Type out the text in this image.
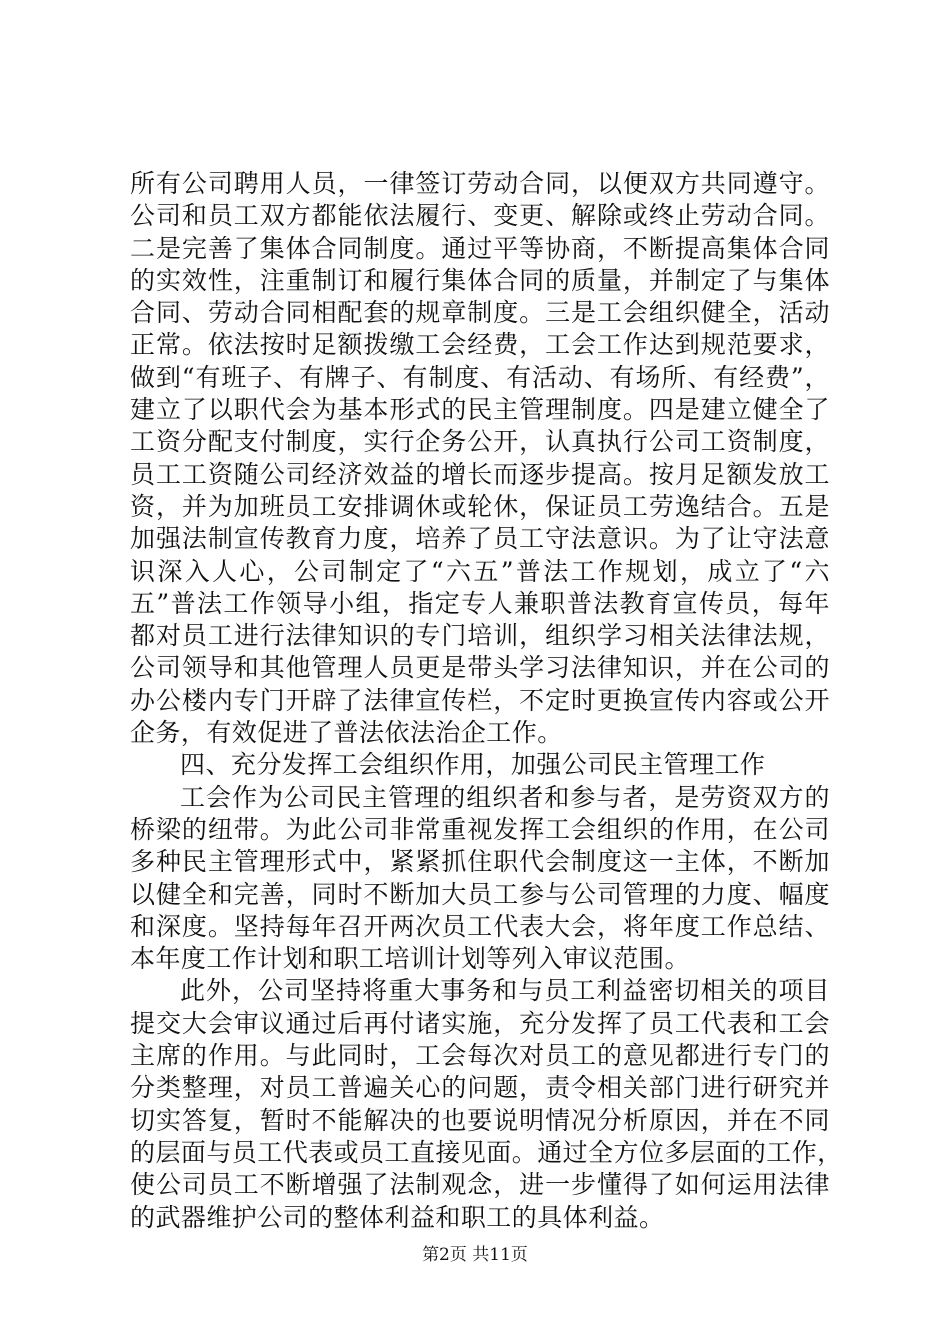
所有公司聘用人员，一律签订劳动合同，以便双方共同遵守。
公司和员工双方都能依法履行、变更、解除或终止劳动合同。
二是完善了集体合同制度。通过平等协商，不断提高集体合同
的实效性，注重制订和履行集体合同的质量，并制定了与集体
合同、劳动合同相配套的规章制度。三是工会组织健全，活动
正常。依法按时足额拨缴工会经费，工会工作达到规范要求，
做到“有班子、有牌子、有制度、有活动、有场所、有经费”，
建立了以职代会为基本形式的民主管理制度。四是建立健全了
工资分配支付制度，实行企务公开，认真执行公司工资制度，
员工工资随公司经济效益的增长而逐步提高。按月足额发放工
资，并为加班员工安排调休或轮休，保证员工劳逸结合。五是
加强法制宣传教育力度，培养了员工守法意识。为了让守法意
识深入人心，公司制定了“六五”普法工作规划，成立了“六
五”普法工作领导小组，指定专人兼职普法教育宣传员，每年
都对员工进行法律知识的专门培训，组织学习相关法律法规，
公司领导和其他管理人员更是带头学习法律知识，并在公司的
办公楼内专门开辟了法律宣传栏，不定时更换宣传内容或公开
企务，有效促进了普法依法治企工作。
四、充分发挥工会组织作用，加强公司民主管理工作
工会作为公司民主管理的组织者和参与者，是劳资双方的
桥梁的纽带。为此公司非常重视发挥工会组织的作用，在公司
多种民主管理形式中，紧紧抓住职代会制度这一主体，不断加
以健全和完善，同时不断加大员工参与公司管理的力度、幅度
和深度。坚持每年召开两次员工代表大会，将年度工作总结、
本年度工作计划和职工培训计划等列入审议范围。
此外，公司坚持将重大事务和与员工利益密切相关的项目
提交大会审议通过后再付诸实施，充分发挥了员工代表和工会
主席的作用。与此同时，工会每次对员工的意见都进行专门的
分类整理，对员工普遍关心的问题，责令相关部门进行研究并
切实答复，暂时不能解决的也要说明情况分析原因，并在不同
的层面与员工代表或员工直接见面。通过全方位多层面的工作，
使公司员工不断增强了法制观念，进一步懂得了如何运用法律
的武器维护公司的整体利益和职工的具体利益。
第2页 共11页
